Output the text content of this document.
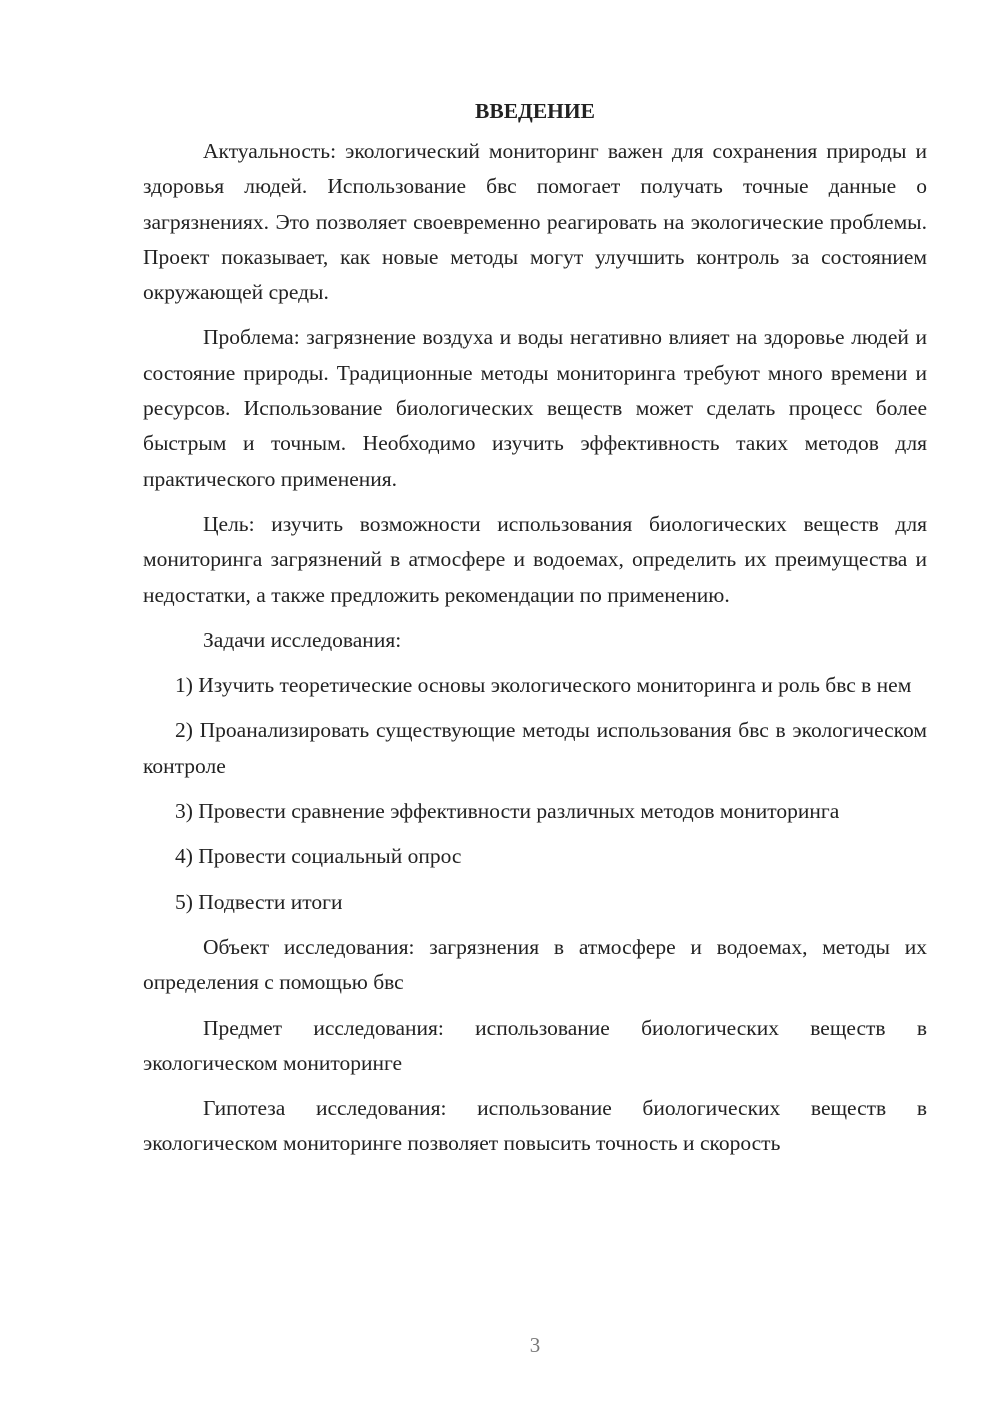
ВВЕДЕНИЕ

Актуальность: экологический мониторинг важен для сохранения природы и здоровья людей. Использование бвс помогает получать точные данные о загрязнениях. Это позволяет своевременно реагировать на экологические проблемы. Проект показывает, как новые методы могут улучшить контроль за состоянием окружающей среды.

Проблема: загрязнение воздуха и воды негативно влияет на здоровье людей и состояние природы. Традиционные методы мониторинга требуют много времени и ресурсов. Использование биологических веществ может сделать процесс более быстрым и точным. Необходимо изучить эффективность таких методов для практического применения.

Цель: изучить возможности использования биологических веществ для мониторинга загрязнений в атмосфере и водоемах, определить их преимущества и недостатки, а также предложить рекомендации по применению.

Задачи исследования:

1) Изучить теоретические основы экологического мониторинга и роль бвс в нем

2) Проанализировать существующие методы использования бвс в экологическом контроле

3) Провести сравнение эффективности различных методов мониторинга

4) Провести социальный опрос

5) Подвести итоги

Объект исследования: загрязнения в атмосфере и водоемах, методы их определения с помощью бвс

Предмет исследования: использование биологических веществ в экологическом мониторинге

Гипотеза исследования: использование биологических веществ в экологическом мониторинге позволяет повысить точность и скорость

3
